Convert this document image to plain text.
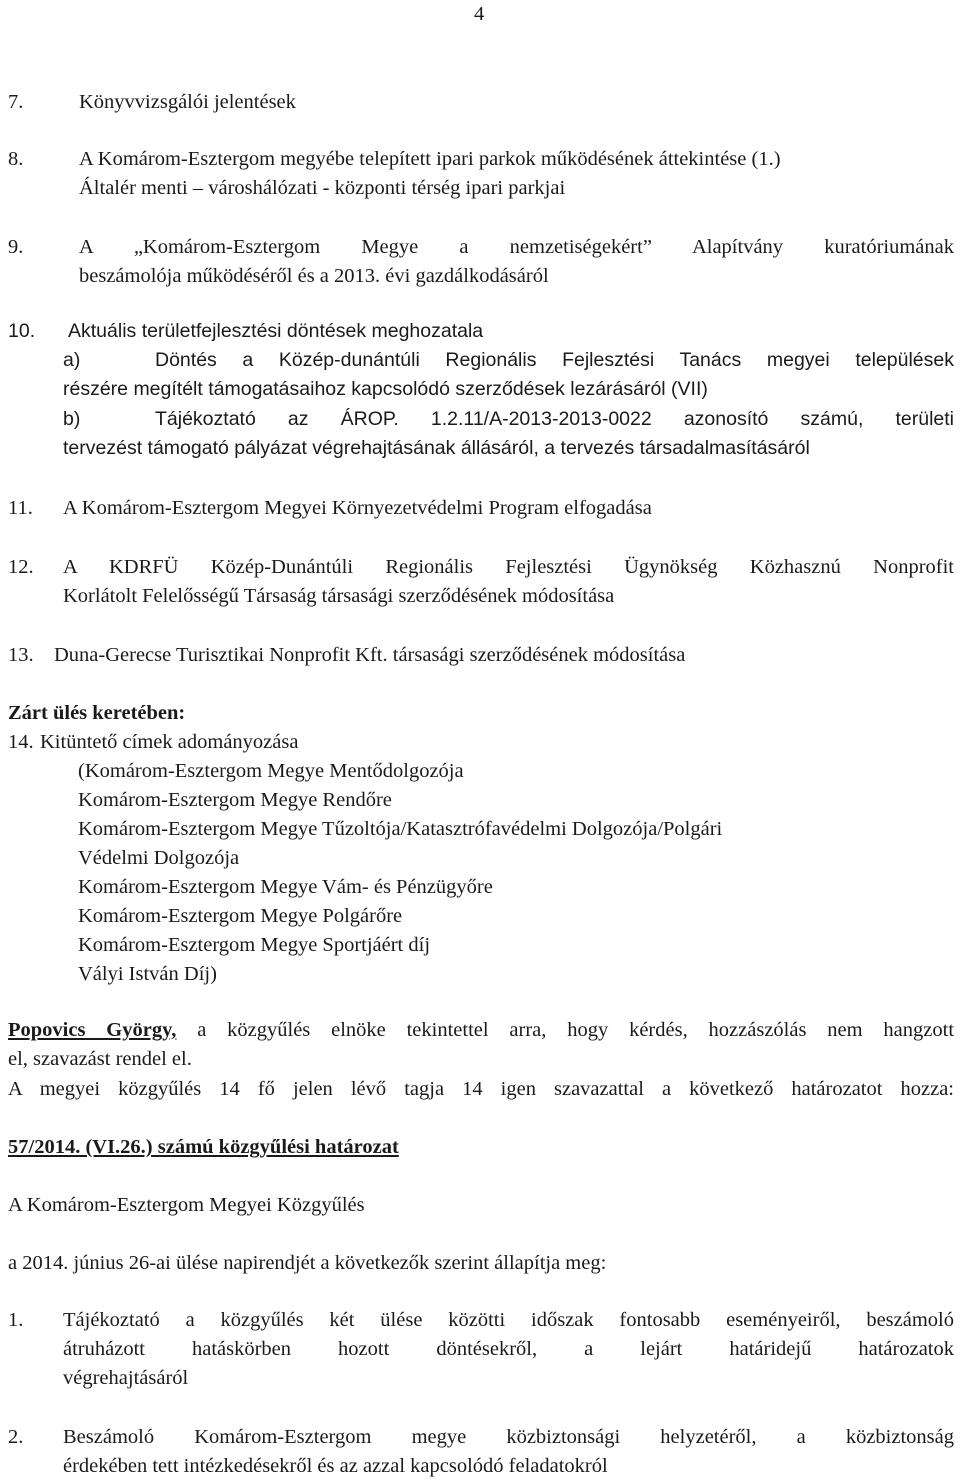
4
7.	Könyvvizsgálói jelentések
8.	A Komárom-Esztergom megyébe telepített ipari parkok működésének áttekintése (1.)
Általér menti – városhálózati - központi térség ipari parkjai
9.	A „Komárom-Esztergom Megye a nemzetiségekért” Alapítvány kuratóriumának
beszámolója működéséről és a 2013. évi gazdálkodásáról
10. Aktuális területfejlesztési döntések meghozatala
a)	Döntés a Közép-dunántúli Regionális Fejlesztési Tanács megyei települések
részére megítélt támogatásaihoz kapcsolódó szerződések lezárásáról (VII)
b)	Tájékoztató az ÁROP. 1.2.11/A-2013-2013-0022 azonosító számú, területi
tervezést támogató pályázat végrehajtásának állásáról, a tervezés társadalmasításáról
11. A Komárom-Esztergom Megyei Környezetvédelmi Program elfogadása
12. A KDRFÜ Közép-Dunántúli Regionális Fejlesztési Ügynökség Közhasznú Nonprofit
Korlátolt Felelősségű Társaság társasági szerződésének módosítása
13. Duna-Gerecse Turisztikai Nonprofit Kft. társasági szerződésének módosítása
Zárt ülés keretében:
14. Kitüntető címek adományozása
(Komárom-Esztergom Megye Mentődolgozója
Komárom-Esztergom Megye Rendőre
Komárom-Esztergom Megye Tűzoltója/Katasztrófavédelmi Dolgozója/Polgári
Védelmi Dolgozója
Komárom-Esztergom Megye Vám- és Pénzügyőre
Komárom-Esztergom Megye Polgárőre
Komárom-Esztergom Megye Sportjáért díj
Vályi István Díj)
Popovics György, a közgyűlés elnöke tekintettel arra, hogy kérdés, hozzászólás nem hangzott
el, szavazást rendel el.
A megyei közgyűlés 14 fő jelen lévő tagja 14 igen szavazattal a következő határozatot hozza:
57/2014. (VI.26.) számú közgyűlési határozat
A Komárom-Esztergom Megyei Közgyűlés
a 2014. június 26-ai ülése napirendjét a következők szerint állapítja meg:
1. Tájékoztató a közgyűlés két ülése közötti időszak fontosabb eseményeiről, beszámoló
átruházott hatáskörben hozott döntésekről, a lejárt határidejű határozatok
végrehajtásáról
2. Beszámoló Komárom-Esztergom megye közbiztonsági helyzetéről, a közbiztonság
érdekében tett intézkedésekről és az azzal kapcsolódó feladatokról
